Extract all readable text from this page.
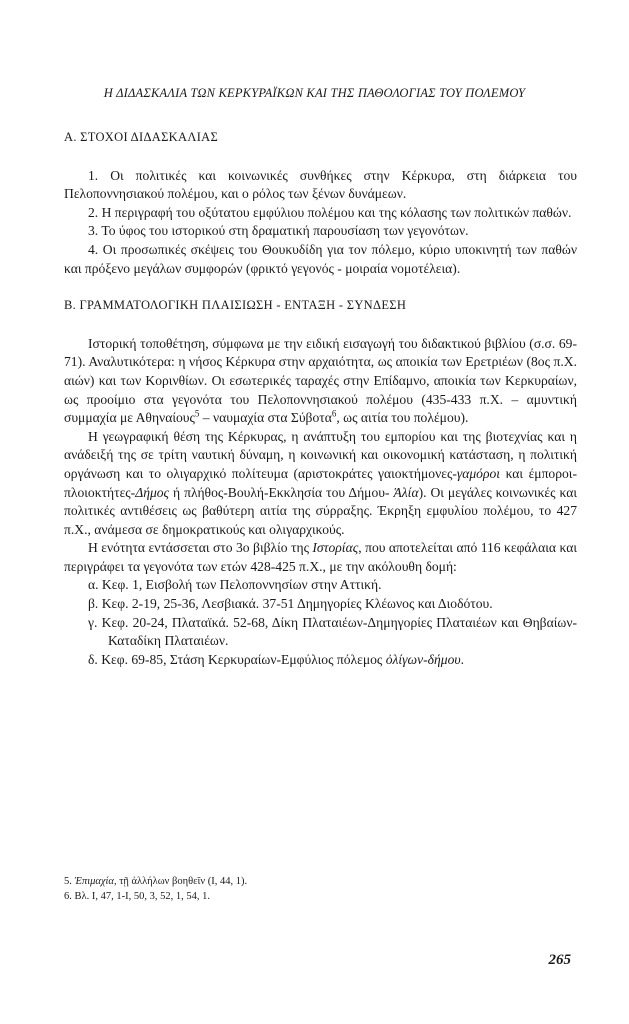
Η ΔΙΔΑΣΚΑΛΙΑ ΤΩΝ ΚΕΡΚΥΡΑΪΚΩΝ ΚΑΙ ΤΗΣ ΠΑΘΟΛΟΓΙΑΣ ΤΟΥ ΠΟΛΕΜΟΥ
Α. ΣΤΟΧΟΙ ΔΙΔΑΣΚΑΛΙΑΣ

1. Οι πολιτικές και κοινωνικές συνθήκες στην Κέρκυρα, στη διάρκεια του Πελοποννησιακού πολέμου, και ο ρόλος των ξένων δυνάμεων.

2. Η περιγραφή του οξύτατου εμφύλιου πολέμου και της κόλασης των πολιτικών παθών.

3. Το ύφος του ιστορικού στη δραματική παρουσίαση των γεγονότων.

4. Οι προσωπικές σκέψεις του Θουκυδίδη για τον πόλεμο, κύριο υποκινητή των παθών και πρόξενο μεγάλων συμφορών (φρικτό γεγονός - μοιραία νομοτέλεια).

Β. ΓΡΑΜΜΑΤΟΛΟΓΙΚΗ ΠΛΑΙΣΙΩΣΗ - ΕΝΤΑΞΗ - ΣΥΝΔΕΣΗ

Ιστορική τοποθέτηση, σύμφωνα με την ειδική εισαγωγή του διδακτικού βιβλίου (σ.σ. 69-71). Αναλυτικότερα: η νήσος Κέρκυρα στην αρχαιότητα, ως αποικία των Ερετριέων (8ος π.Χ. αιών) και των Κορινθίων. Οι εσωτερικές ταραχές στην Επίδαμνο, αποικία των Κερκυραίων, ως προοίμιο στα γεγονότα του Πελοποννησιακού πολέμου (435-433 π.Χ. – αμυντική συμμαχία με Αθηναίους$^5$ – ναυμαχία στα Σύβοτα$^6$, ως αιτία του πολέμου).

Η γεωγραφική θέση της Κέρκυρας, η ανάπτυξη του εμπορίου και της βιοτεχνίας και η ανάδειξή της σε τρίτη ναυτική δύναμη, η κοινωνική και οικονομική κατάσταση, η πολιτική οργάνωση και το ολιγαρχικό πολίτευμα (αριστοκράτες γαιοκτήμονες-γαμόροι και έμποροι-πλοιοκτήτες-Δήμος ή πλήθος-Βουλή-Εκκλησία του Δήμου- Ἁλία). Οι μεγάλες κοινωνικές και πολιτικές αντιθέσεις ως βαθύτερη αιτία της σύρραξης. Έκρηξη εμφυλίου πολέμου, το 427 π.Χ., ανάμεσα σε δημοκρατικούς και ολιγαρχικούς.

Η ενότητα εντάσσεται στο 3ο βιβλίο της Ιστορίας, που αποτελείται από 116 κεφάλαια και περιγράφει τα γεγονότα των ετών 428-425 π.Χ., με την ακόλουθη δομή:

α. Κεφ. 1, Εισβολή των Πελοποννησίων στην Αττική.

β. Κεφ. 2-19, 25-36, Λεσβιακά. 37-51 Δημηγορίες Κλέωνος και Διοδότου.

γ. Κεφ. 20-24, Πλαταϊκά. 52-68, Δίκη Πλαταιέων-Δημηγορίες Πλαταιέων και Θηβαίων-Καταδίκη Πλαταιέων.

δ. Κεφ. 69-85, Στάση Κερκυραίων-Εμφύλιος πόλεμος ὀλίγων-δήμου.

5. Ἐπιμαχία, τῇ ἀλλήλων βοηθεῖν (Ι, 44, 1).
6. Βλ. Ι, 47, 1-Ι, 50, 3, 52, 1, 54, 1.
265
